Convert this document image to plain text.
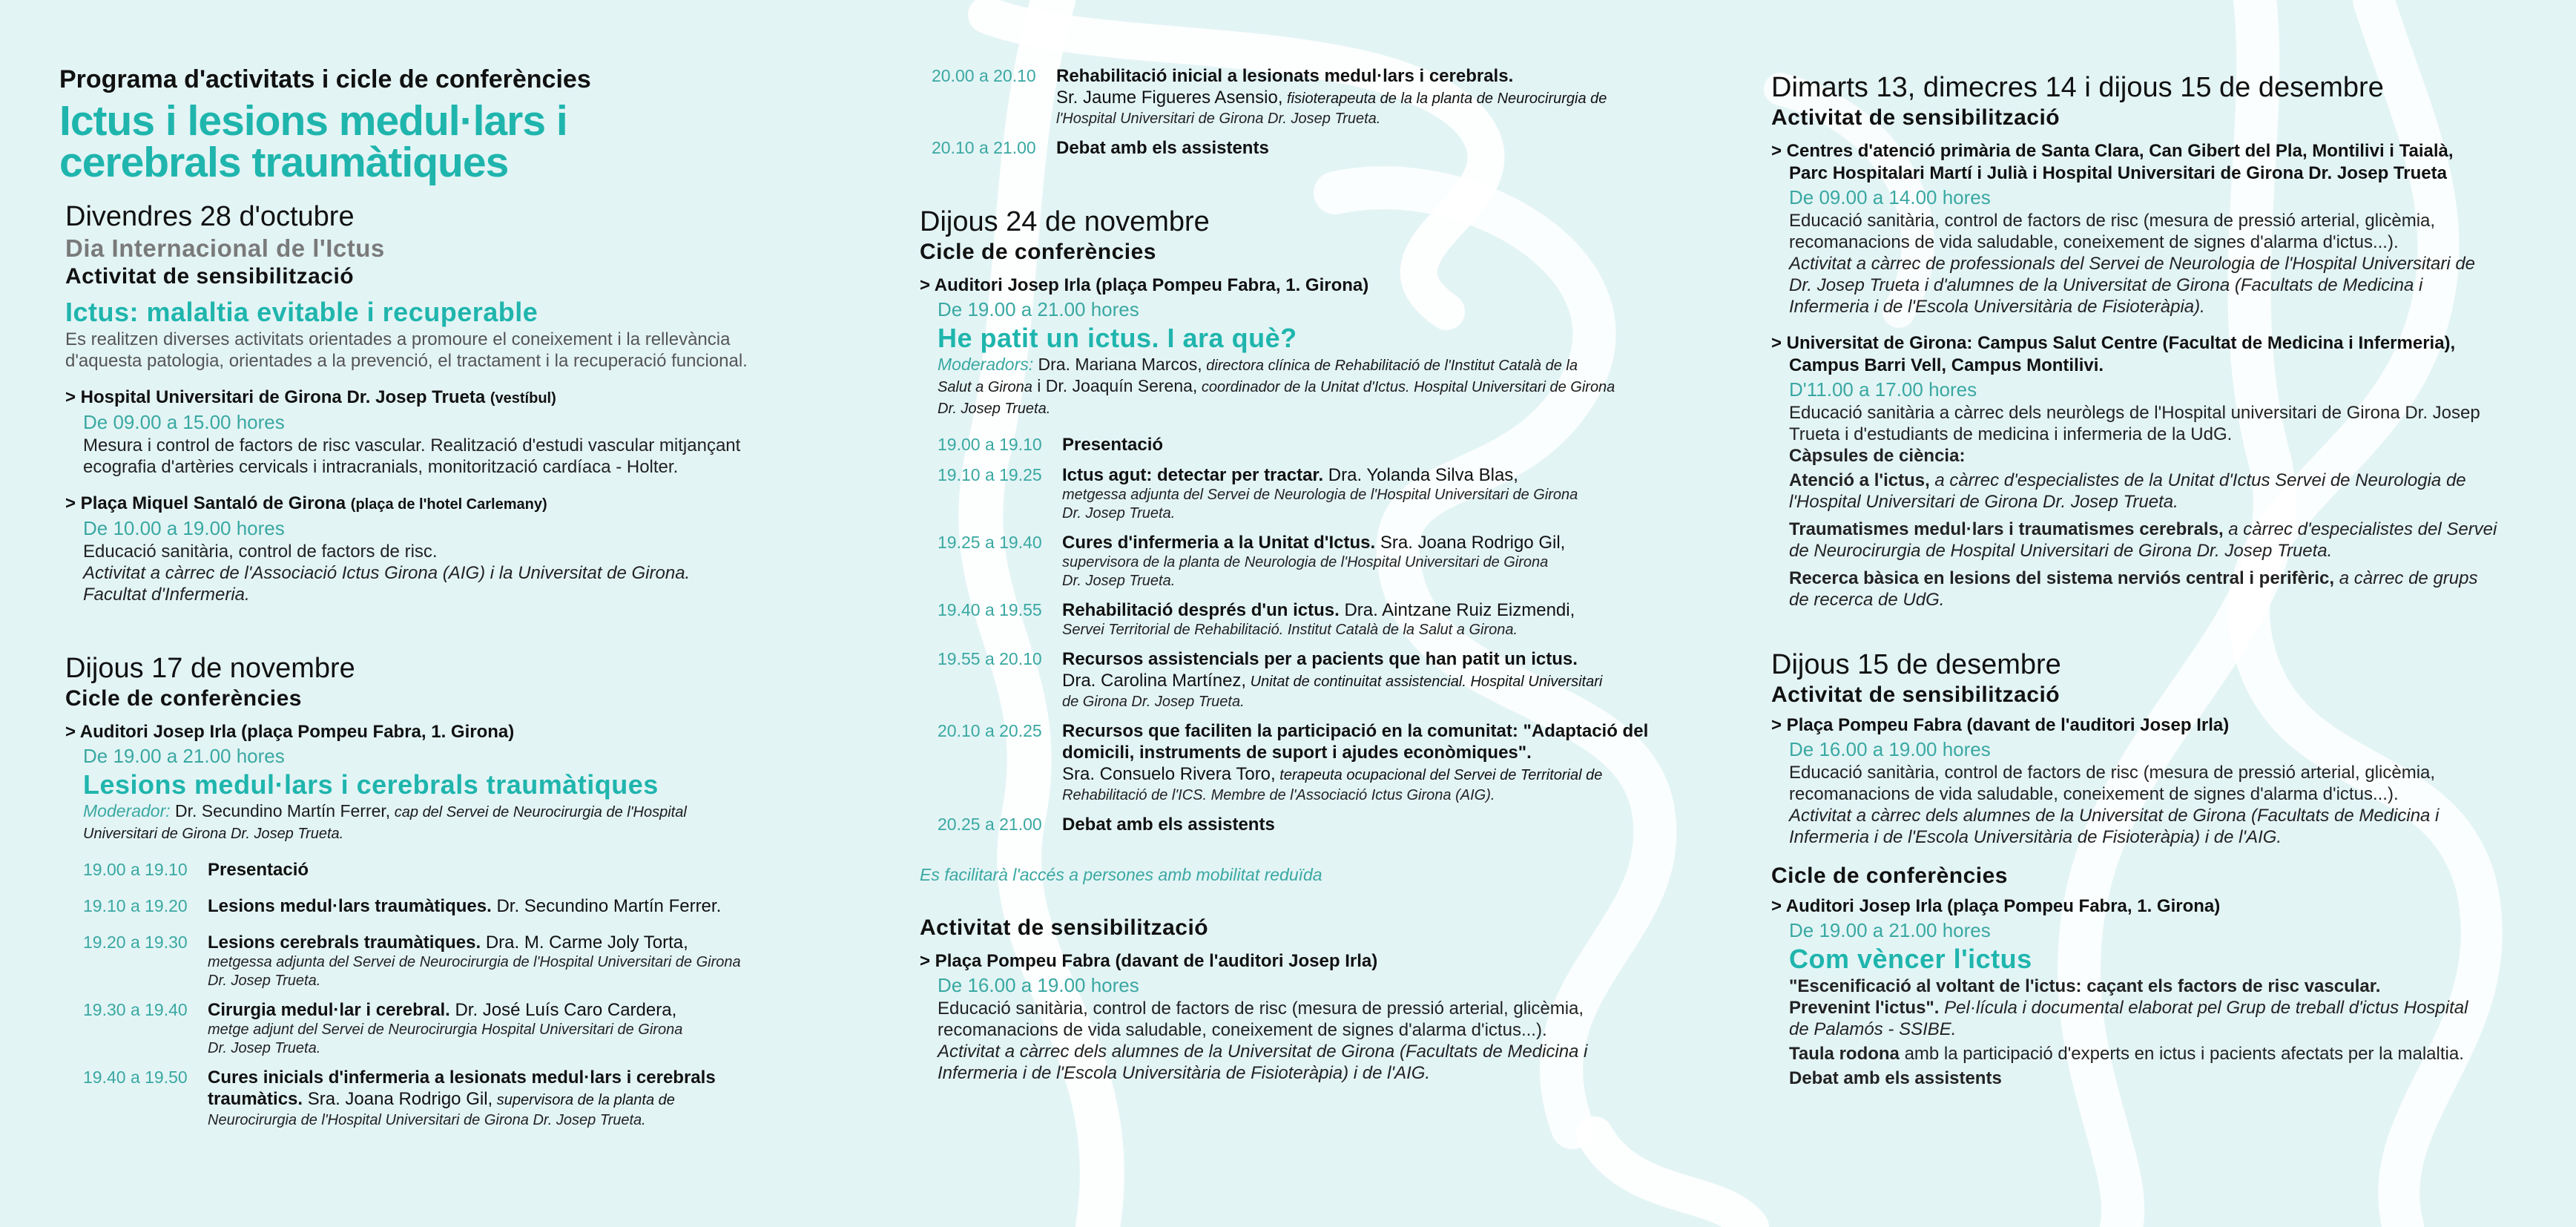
Programa d'activitats i cicle de conferències
Ictus i lesions medul·lars i
cerebrals traumàtiques

Divendres 28 d'octubre

Dia Internacional de l'Ictus

Activitat de sensibilització

Ictus: malaltia evitable i recuperable

Es realitzen diverses activitats orientades a promoure el coneixement i la rellevància

d'aquesta patologia, orientades a la prevenció, el tractament i la recuperació funcional.

> Hospital Universitari de Girona Dr. Josep Trueta (vestíbul)

De 09.00 a 15.00 hores

Mesura i control de factors de risc vascular. Realització d'estudi vascular mitjançant

ecografia d'artèries cervicals i intracranials, monitorització cardíaca - Holter.

> Plaça Miquel Santaló de Girona (plaça de l'hotel Carlemany)

De 10.00 a 19.00 hores

Educació sanitària, control de factors de risc.

Activitat a càrrec de l'Associació Ictus Girona (AIG) i la Universitat de Girona.

Facultat d'Infermeria.

Dijous 17 de novembre

Cicle de conferències

> Auditori Josep Irla (plaça Pompeu Fabra, 1. Girona)

De 19.00 a 21.00 hores

Lesions medul·lars i cerebrals traumàtiques

Moderador: Dr. Secundino Martín Ferrer, cap del Servei de Neurocirurgia de l'Hospital
Universitari de Girona Dr. Josep Trueta.
19.00 a 19.10	Presentació
19.10 a 19.20	Lesions medul·lars traumàtiques. Dr. Secundino Martín Ferrer.
19.20 a 19.30	Lesions cerebrals traumàtiques. Dra. M. Carme Joly Torta,
metgessa adjunta del Servei de Neurocirurgia de l'Hospital Universitari de Girona
Dr. Josep Trueta.
19.30 a 19.40	Cirurgia medul·lar i cerebral. Dr. José Luís Caro Cardera,
metge adjunt del Servei de Neurocirurgia Hospital Universitari de Girona
Dr. Josep Trueta.
19.40 a 19.50	Cures inicials d'infermeria a lesionats medul·lars i cerebrals
traumàtics. Sra. Joana Rodrigo Gil, supervisora de la planta de
Neurocirurgia de l'Hospital Universitari de Girona Dr. Josep Trueta.
20.00 a 20.10	Rehabilitació inicial a lesionats medul·lars i cerebrals.
Sr. Jaume Figueres Asensio, fisioterapeuta de la la planta de Neurocirurgia de
l'Hospital Universitari de Girona Dr. Josep Trueta.
20.10 a 21.00	Debat amb els assistents

Dijous 24 de novembre

Cicle de conferències

> Auditori Josep Irla (plaça Pompeu Fabra, 1. Girona)

De 19.00 a 21.00 hores

He patit un ictus. I ara què?

Moderadors: Dra. Mariana Marcos, directora clínica de Rehabilitació de l'Institut Català de la
Salut a Girona i Dr. Joaquín Serena, coordinador de la Unitat d'Ictus. Hospital Universitari de Girona
Dr. Josep Trueta.
19.00 a 19.10	Presentació
19.10 a 19.25	Ictus agut: detectar per tractar. Dra. Yolanda Silva Blas,
metgessa adjunta del Servei de Neurologia de l'Hospital Universitari de Girona
Dr. Josep Trueta.
19.25 a 19.40	Cures d'infermeria a la Unitat d'Ictus. Sra. Joana Rodrigo Gil,
supervisora de la planta de Neurologia de l'Hospital Universitari de Girona
Dr. Josep Trueta.
19.40 a 19.55	Rehabilitació després d'un ictus. Dra. Aintzane Ruiz Eizmendi,
Servei Territorial de Rehabilitació. Institut Català de la Salut a Girona.
19.55 a 20.10	Recursos assistencials per a pacients que han patit un ictus.
Dra. Carolina Martínez, Unitat de continuitat assistencial. Hospital Universitari
de Girona Dr. Josep Trueta.
20.10 a 20.25	Recursos que faciliten la participació en la comunitat: "Adaptació del
domicili, instruments de suport i ajudes econòmiques".
Sra. Consuelo Rivera Toro, terapeuta ocupacional del Servei de Territorial de
Rehabilitació de l'ICS. Membre de l'Associació Ictus Girona (AIG).
20.25 a 21.00	Debat amb els assistents

Es facilitarà l'accés a persones amb mobilitat reduïda

Activitat de sensibilització

> Plaça Pompeu Fabra (davant de l'auditori Josep Irla)

De 16.00 a 19.00 hores

Educació sanitària, control de factors de risc (mesura de pressió arterial, glicèmia,

recomanacions de vida saludable, coneixement de signes d'alarma d'ictus...).

Activitat a càrrec dels alumnes de la Universitat de Girona (Facultats de Medicina i

Infermeria i de l'Escola Universitària de Fisioteràpia) i de l'AIG.

Dimarts 13, dimecres 14 i dijous 15 de desembre

Activitat de sensibilització

> Centres d'atenció primària de Santa Clara, Can Gibert del Pla, Montilivi i Taialà,

Parc Hospitalari Martí i Julià i Hospital Universitari de Girona Dr. Josep Trueta

De 09.00 a 14.00 hores

Educació sanitària, control de factors de risc (mesura de pressió arterial, glicèmia,

recomanacions de vida saludable, coneixement de signes d'alarma d'ictus...).

Activitat a càrrec de professionals del Servei de Neurologia de l'Hospital Universitari de

Dr. Josep Trueta i d'alumnes de la Universitat de Girona (Facultats de Medicina i

Infermeria i de l'Escola Universitària de Fisioteràpia).

> Universitat de Girona: Campus Salut Centre (Facultat de Medicina i Infermeria),

Campus Barri Vell, Campus Montilivi.

D'11.00 a 17.00 hores

Educació sanitària a càrrec dels neuròlegs de l'Hospital universitari de Girona Dr. Josep

Trueta i d'estudiants de medicina i infermeria de la UdG.

Càpsules de ciència:

Atenció a l'ictus, a càrrec d'especialistes de la Unitat d'Ictus Servei de Neurologia de
l'Hospital Universitari de Girona Dr. Josep Trueta.

Traumatismes medul·lars i traumatismes cerebrals, a càrrec d'especialistes del Servei
de Neurocirurgia de Hospital Universitari de Girona Dr. Josep Trueta.

Recerca bàsica en lesions del sistema nerviós central i perifèric, a càrrec de grups
de recerca de UdG.

Dijous 15 de desembre

Activitat de sensibilització

> Plaça Pompeu Fabra (davant de l'auditori Josep Irla)

De 16.00 a 19.00 hores

Educació sanitària, control de factors de risc (mesura de pressió arterial, glicèmia,

recomanacions de vida saludable, coneixement de signes d'alarma d'ictus...).

Activitat a càrrec dels alumnes de la Universitat de Girona (Facultats de Medicina i

Infermeria i de l'Escola Universitària de Fisioteràpia) i de l'AIG.

Cicle de conferències

> Auditori Josep Irla (plaça Pompeu Fabra, 1. Girona)

De 19.00 a 21.00 hores

Com vèncer l'ictus

"Escenificació al voltant de l'ictus: caçant els factors de risc vascular.

Prevenint l'ictus". Pel·lícula i documental elaborat pel Grup de treball d'ictus Hospital

de Palamós - SSIBE.

Taula rodona amb la participació d'experts en ictus i pacients afectats per la malaltia.

Debat amb els assistents
